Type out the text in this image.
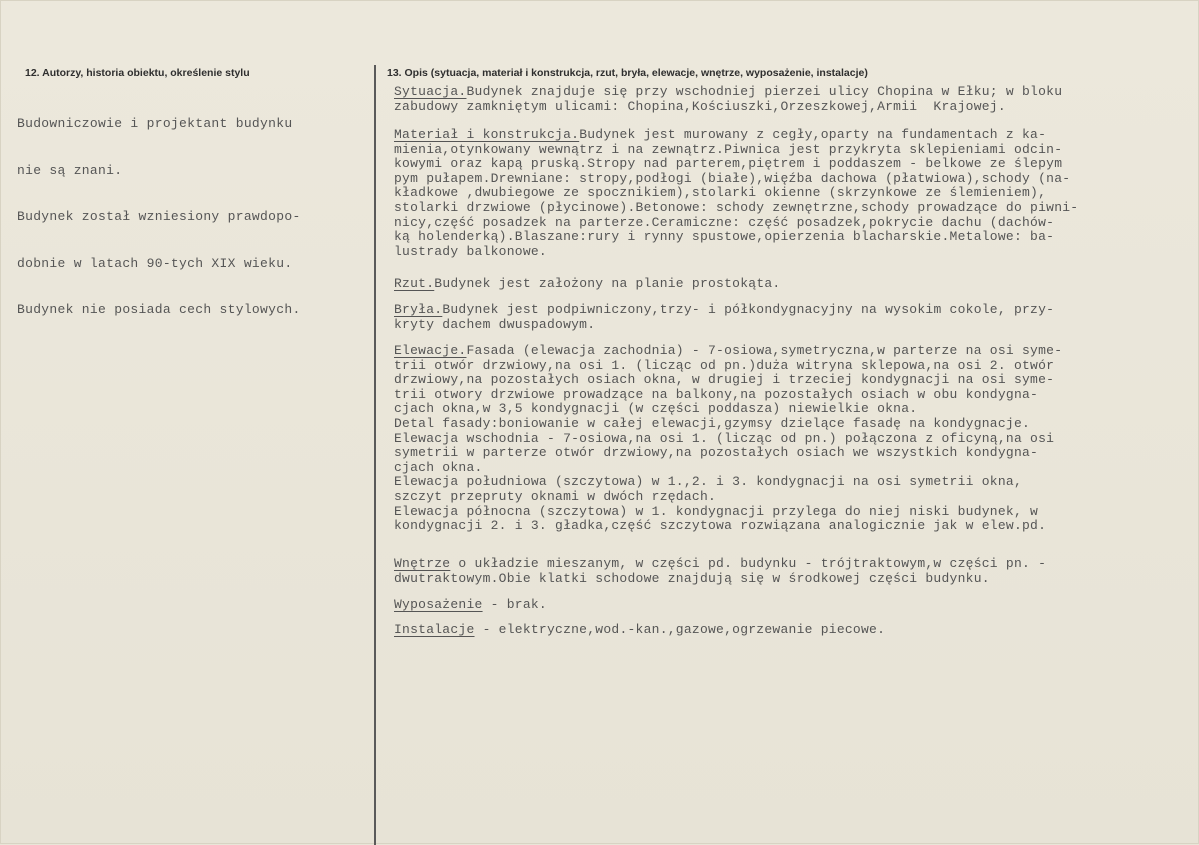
12. Autorzy, historia obiektu, określenie stylu	13. Opis (sytuacja, materiał i konstrukcja, rzut, bryła, elewacje, wnętrze, wyposażenie, instalacje)

Budowniczowie i projektant budynku

nie są znani.

Budynek został wzniesiony prawdopo-

dobnie w latach 90-tych XIX wieku.

Budynek nie posiada cech stylowych.

Sytuacja.Budynek znajduje się przy wschodniej pierzei ulicy Chopina w Ełku; w bloku
zabudowy zamkniętym ulicami: Chopina,Kościuszki,Orzeszkowej,Armii  Krajowej.
Materiał i konstrukcja.Budynek jest murowany z cegły,oparty na fundamentach z ka-
mienia,otynkowany wewnątrz i na zewnątrz.Piwnica jest przykryta sklepieniami odcin-
kowymi oraz kapą pruską.Stropy nad parterem,piętrem i poddaszem - belkowe ze ślepym
pym pułapem.Drewniane: stropy,podłogi (białe),więźba dachowa (płatwiowa),schody (na-
kładkowe ,dwubiegowe ze spocznikiem),stolarki okienne (skrzynkowe ze ślemieniem),
stolarki drzwiowe (płycinowe).Betonowe: schody zewnętrzne,schody prowadzące do piwni-
nicy,część posadzek na parterze.Ceramiczne: część posadzek,pokrycie dachu (dachów-
ką holenderką).Blaszane:rury i rynny spustowe,opierzenia blacharskie.Metalowe: ba-
lustrady balkonowe.
Rzut.Budynek jest założony na planie prostokąta.
Bryła.Budynek jest podpiwniczony,trzy- i półkondygnacyjny na wysokim cokole, przy-
kryty dachem dwuspadowym.
Elewacje.Fasada (elewacja zachodnia) - 7-osiowa,symetryczna,w parterze na osi syme-
trii otwór drzwiowy,na osi 1. (licząc od pn.)duża witryna sklepowa,na osi 2. otwór
drzwiowy,na pozostałych osiach okna, w drugiej i trzeciej kondygnacji na osi syme-
trii otwory drzwiowe prowadzące na balkony,na pozostałych osiach w obu kondygna-
cjach okna,w 3,5 kondygnacji (w części poddasza) niewielkie okna.
Detal fasady:boniowanie w całej elewacji,gzymsy dzielące fasadę na kondygnacje.
Elewacja wschodnia - 7-osiowa,na osi 1. (licząc od pn.) połączona z oficyną,na osi
symetrii w parterze otwór drzwiowy,na pozostałych osiach we wszystkich kondygna-
cjach okna.
Elewacja południowa (szczytowa) w 1.,2. i 3. kondygnacji na osi symetrii okna,
szczyt przepruty oknami w dwóch rzędach.
Elewacja północna (szczytowa) w 1. kondygnacji przylega do niej niski budynek, w
kondygnacji 2. i 3. gładka,część szczytowa rozwiązana analogicznie jak w elew.pd.
Wnętrze o układzie mieszanym, w części pd. budynku - trójtraktowym,w części pn. -
dwutraktowym.Obie klatki schodowe znajdują się w środkowej części budynku.
Wyposażenie - brak.
Instalacje - elektryczne,wod.-kan.,gazowe,ogrzewanie piecowe.
